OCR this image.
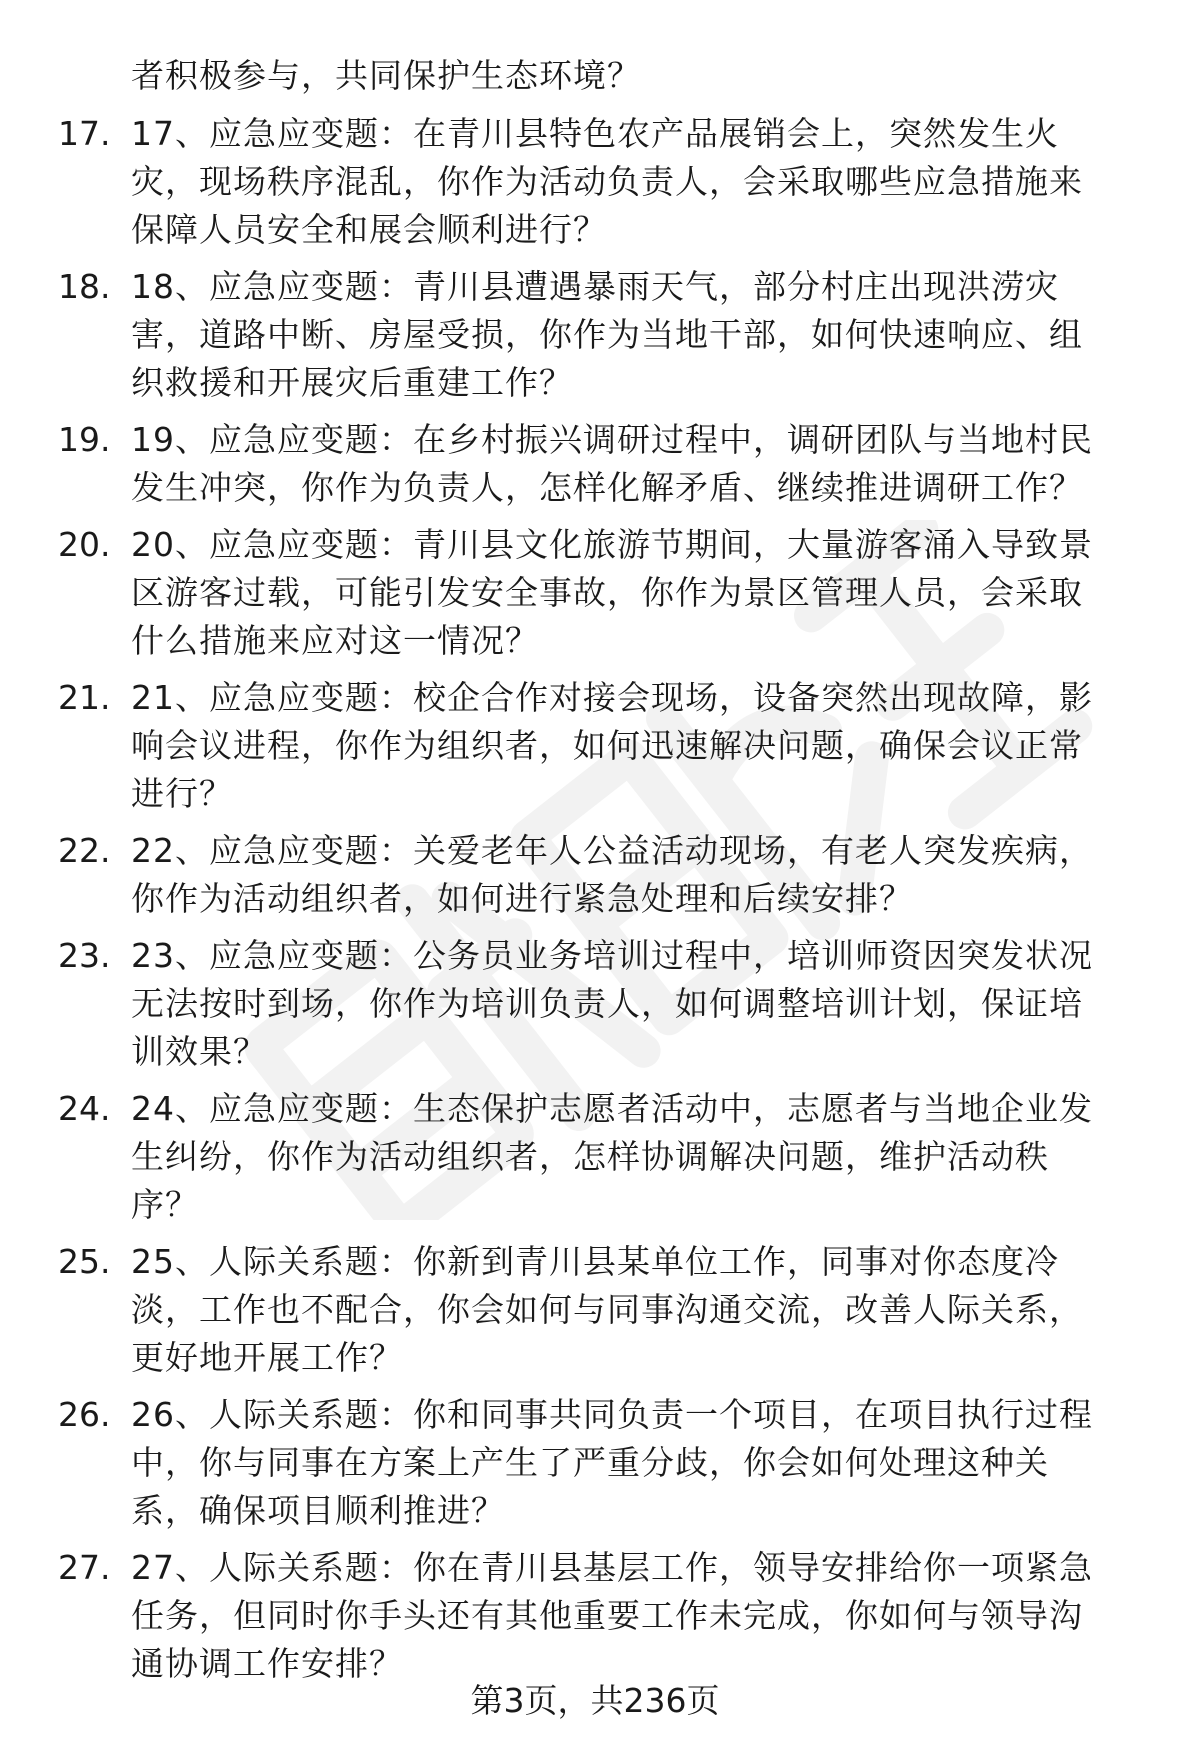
者积极参与，共同保护生态环境？
17. 17、应急应变题：在青川县特色农产品展销会上，突然发生火
灾，现场秩序混乱，你作为活动负责人，会采取哪些应急措施来
保障人员安全和展会顺利进行？
18. 18、应急应变题：青川县遭遇暴雨天气，部分村庄出现洪涝灾
害，道路中断、房屋受损，你作为当地干部，如何快速响应、组
织救援和开展灾后重建工作？
19. 19、应急应变题：在乡村振兴调研过程中，调研团队与当地村民
发生冲突，你作为负责人，怎样化解矛盾、继续推进调研工作？
20. 20、应急应变题：青川县文化旅游节期间，大量游客涌入导致景
区游客过载，可能引发安全事故，你作为景区管理人员，会采取
什么措施来应对这一情况？
21. 21、应急应变题：校企合作对接会现场，设备突然出现故障，影
响会议进程，你作为组织者，如何迅速解决问题，确保会议正常
进行？
22. 22、应急应变题：关爱老年人公益活动现场，有老人突发疾病，
你作为活动组织者，如何进行紧急处理和后续安排？
23. 23、应急应变题：公务员业务培训过程中，培训师资因突发状况
无法按时到场，你作为培训负责人，如何调整培训计划，保证培
训效果？
24. 24、应急应变题：生态保护志愿者活动中，志愿者与当地企业发
生纠纷，你作为活动组织者，怎样协调解决问题，维护活动秩
序？
25. 25、人际关系题：你新到青川县某单位工作，同事对你态度冷
淡，工作也不配合，你会如何与同事沟通交流，改善人际关系，
更好地开展工作？
26. 26、人际关系题：你和同事共同负责一个项目，在项目执行过程
中，你与同事在方案上产生了严重分歧，你会如何处理这种关
系，确保项目顺利推进？
27. 27、人际关系题：你在青川县基层工作，领导安排给你一项紧急
任务，但同时你手头还有其他重要工作未完成，你如何与领导沟
通协调工作安排？
第3页，共236页
